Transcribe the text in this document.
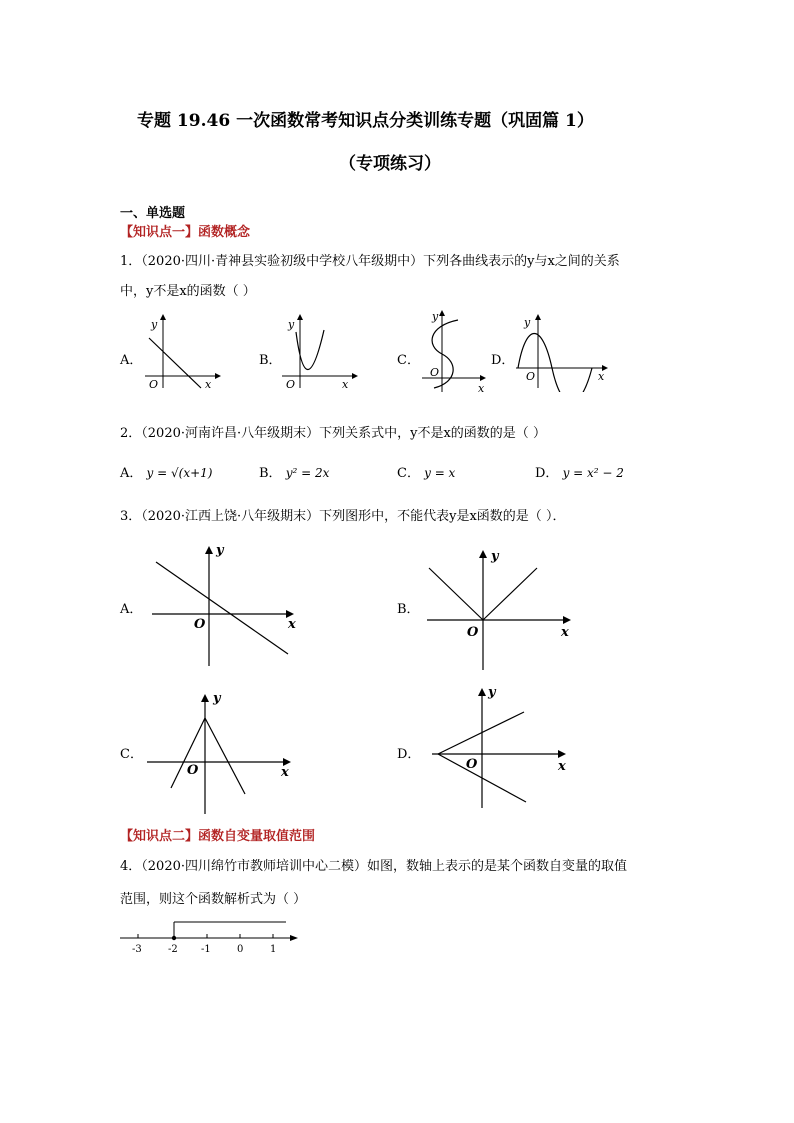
专题 19.46 一次函数常考知识点分类训练专题（巩固篇 1）
（专项练习）
一、单选题
【知识点一】函数概念
1．（2020·四川·青神县实验初级中学校八年级期中）下列各曲线表示的y与x之间的关系
中，y不是x的函数（ ）
A．	B．	C．	D．
y
x
O
y
x
O
y
x
O
y
x
O
2．（2020·河南许昌·八年级期末）下列关系式中，y不是x的函数的是（ ）
A． y = √(x+1)	B． y² = 2x	C． y = x	D． y = x² − 2
3．（2020·江西上饶·八年级期末）下列图形中，不能代表y是x函数的是（ ）．
A．	B．
C．	D．
y
x
O
y
x
O
y
x
O
y
x
O
【知识点二】函数自变量取值范围
4．（2020·四川绵竹市教师培训中心二模）如图，数轴上表示的是某个函数自变量的取值
范围，则这个函数解析式为（ ）
-3	-2 -1	0	1
